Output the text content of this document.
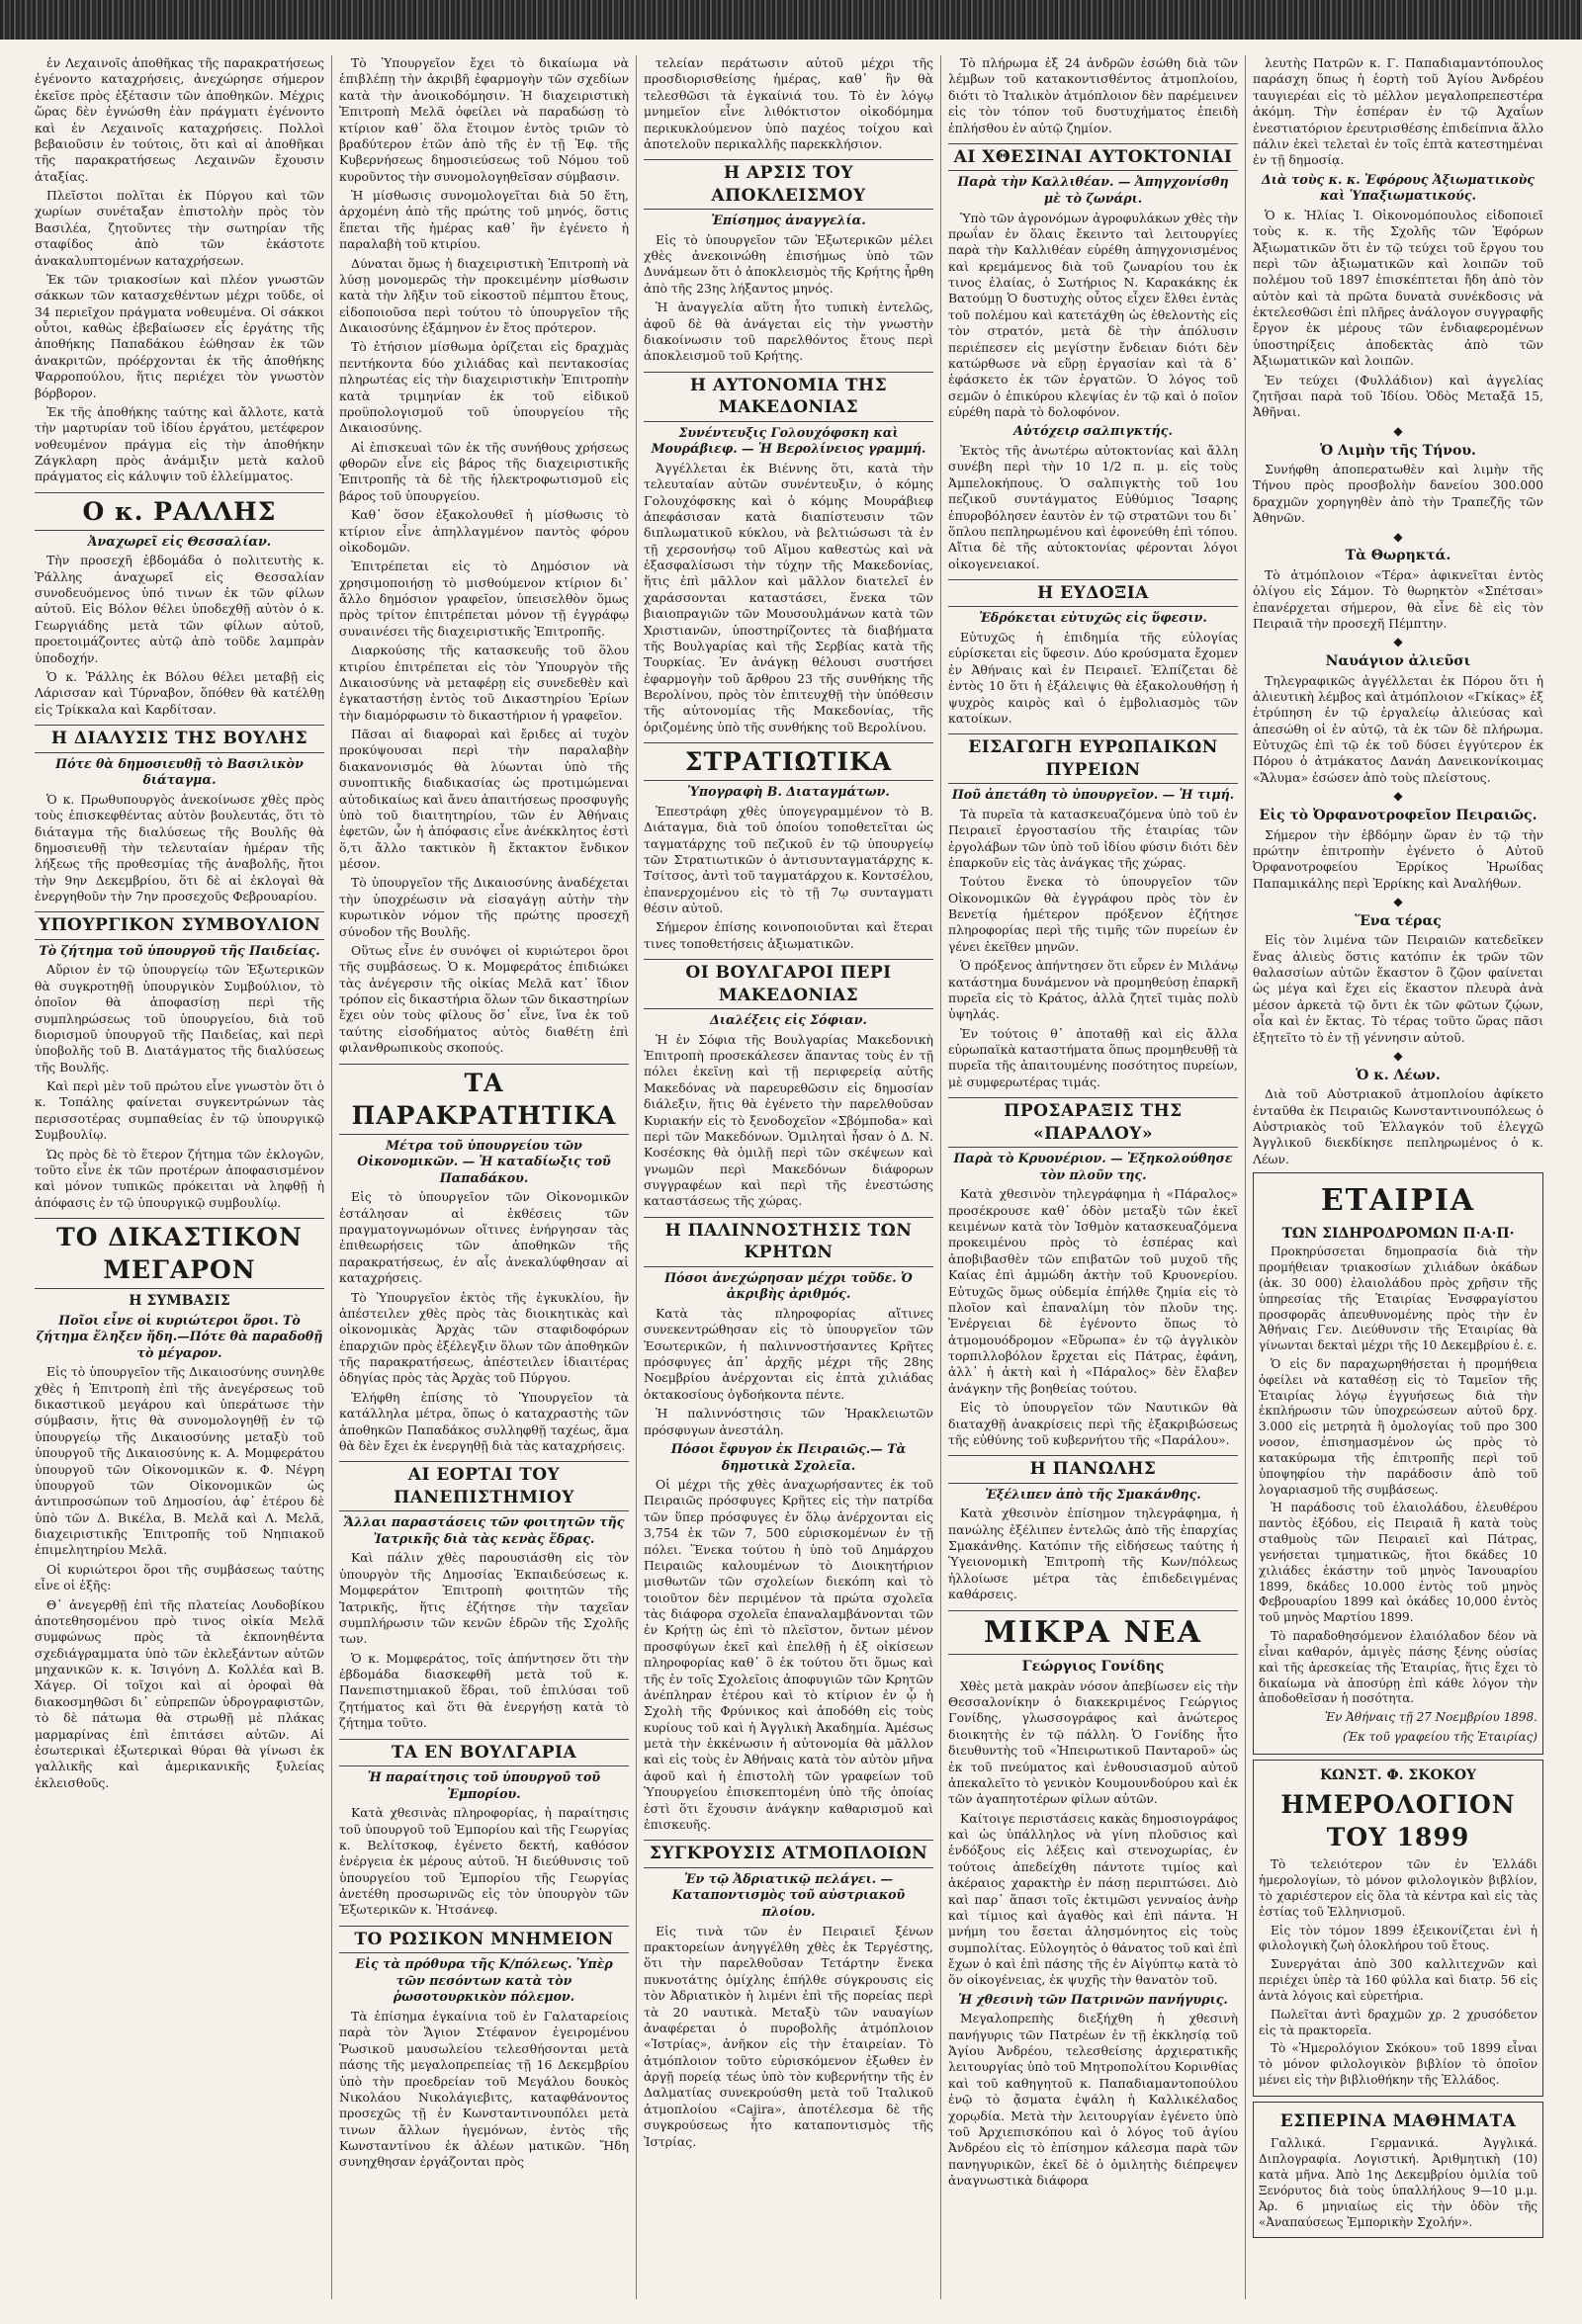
ἐν Λεχαινοῖς ἀποθῆκας τῆς παρακρατήσεως ἐγένοντο καταχρήσεις, ἀνεχώρησε σήμερον ἐκεῖσε πρὸς ἐξέτασιν τῶν ἀποθηκῶν. Μέχρις ὥρας δὲν ἐγνώσθη ἐὰν πράγματι ἐγένοντο καὶ ἐν Λεχαινοῖς καταχρήσεις. Πολλοὶ βεβαιοῦσιν ἐν τούτοις, ὅτι καὶ αἱ ἀποθῆκαι τῆς παρακρατήσεως Λεχαινῶν ἔχουσιν ἀταξίας.

Πλεῖστοι πολῖται ἐκ Πύργου καὶ τῶν χωρίων συνέταξαν ἐπιστολὴν πρὸς τὸν Βασιλέα, ζητοῦντες τὴν σωτηρίαν τῆς σταφίδος ἀπὸ τῶν ἑκάστοτε ἀνακαλυπτομένων καταχρήσεων.

Ἐκ τῶν τριακοσίων καὶ πλέον γνωστῶν σάκκων τῶν κατασχεθέντων μέχρι τοῦδε, οἱ 34 περιεῖχον πράγματα νοθευμένα. Οἱ σάκκοι οὗτοι, καθὼς ἐβεβαίωσεν εἷς ἐργάτης τῆς ἀποθήκης Παπαδάκου ἐώθησαν ἐκ τῶν ἀνακριτῶν, πρόέρχονται ἐκ τῆς ἀποθήκης Ψαρροπούλου, ἥτις περιέχει τὸν γνωστὸν βόρβορον.

Ἐκ τῆς ἀποθήκης ταύτης καὶ ἄλλοτε, κατὰ τὴν μαρτυρίαν τοῦ ἰδίου ἐργάτου, μετέφερον νοθευμένον πράγμα εἰς τὴν ἀποθήκην Ζάγκλαρη πρὸς ἀνάμιξιν μετὰ καλοῦ πράγματος εἰς κάλυψιν τοῦ ἐλλείμματος.

Ο κ. ΡΑΛΛΗΣ
Ἀναχωρεῖ εἰς Θεσσαλίαν.

Τὴν προσεχῆ ἑβδομάδα ὁ πολιτευτὴς κ. Ῥάλλης ἀναχωρεῖ εἰς Θεσσαλίαν συνοδευόμενος ὑπό τινων ἐκ τῶν φίλων αὐτοῦ. Εἰς Βόλον θέλει ὑποδεχθῇ αὐτὸν ὁ κ. Γεωργιάδης μετὰ τῶν φίλων αὐτοῦ, προετοιμάζοντες αὐτῷ ἀπὸ τοῦδε λαμπρὰν ὑποδοχήν.

Ὁ κ. Ῥάλλης ἐκ Βόλου θέλει μεταβῇ εἰς Λάρισσαν καὶ Τύρναβον, ὅπόθεν θὰ κατέλθῃ εἰς Τρίκκαλα καὶ Καρδίτσαν.

Η ΔΙΑΛΥΣΙΣ ΤΗΣ ΒΟΥΛΗΣ
Πότε θὰ δημοσιευθῇ τὸ Βασιλικὸν διάταγμα.

Ὁ κ. Πρωθυπουργὸς ἀνεκοίνωσε χθὲς πρὸς τοὺς ἐπισκεφθέντας αὐτὸν βουλευτάς, ὅτι τὸ διάταγμα τῆς διαλύσεως τῆς Βουλῆς θὰ δημοσιευθῇ τὴν τελευταίαν ἡμέραν τῆς λήξεως τῆς προθεσμίας τῆς ἀναβολῆς, ἤτοι τὴν 9ην Δεκεμβρίου, ὅτι δὲ αἱ ἐκλογαὶ θὰ ἐνεργηθοῦν τὴν 7ην προσεχοῦς Φεβρουαρίου.

ΥΠΟΥΡΓΙΚΟΝ ΣΥΜΒΟΥΛΙΟΝ
Τὸ ζήτημα τοῦ ὑπουργοῦ τῆς Παιδείας.

Αὔριον ἐν τῷ ὑπουργείῳ τῶν Ἐξωτερικῶν θὰ συγκροτηθῇ ὑπουργικὸν Συμβούλιον, τὸ ὁποῖον θὰ ἀποφασίσῃ περὶ τῆς συμπληρώσεως τοῦ ὑπουργείου, διὰ τοῦ διορισμοῦ ὑπουργοῦ τῆς Παιδείας, καὶ περὶ ὑποβολῆς τοῦ Β. Διατάγματος τῆς διαλύσεως τῆς Βουλῆς.

Καὶ περὶ μὲν τοῦ πρώτου εἶνε γνωστὸν ὅτι ὁ κ. Τοπάλης φαίνεται συγκεντρώνων τὰς περισσοτέρας συμπαθείας ἐν τῷ ὑπουργικῷ Συμβουλίῳ.

Ὡς πρὸς δὲ τὸ ἕτερον ζήτημα τῶν ἐκλογῶν, τοῦτο εἶνε ἐκ τῶν προτέρων ἀποφασισμένον καὶ μόνον τυπικῶς πρόκειται νὰ ληφθῇ ἡ ἀπόφασις ἐν τῷ ὑπουργικῷ συμβουλίῳ.

ΤΟ ΔΙΚΑΣΤΙΚΟΝ ΜΕΓΑΡΟΝ
Η ΣΥΜΒΑΣΙΣ
Ποῖοι εἶνε οἱ κυριώτεροι ὅροι. Τὸ ζήτημα ἔληξεν ἤδη.—Πότε θὰ παραδοθῇ τὸ μέγαρον.

Εἰς τὸ ὑπουργεῖον τῆς Δικαιοσύνης συνηλθε χθὲς ἡ Ἐπιτροπὴ ἐπὶ τῆς ἀνεγέρσεως τοῦ δικαστικοῦ μεγάρου καὶ ὑπεράτωσε τὴν σύμβασιν, ἥτις θὰ συνομολογηθῇ ἐν τῷ ὑπουργείῳ τῆς Δικαιοσύνης μεταξὺ τοῦ ὑπουργοῦ τῆς Δικαιοσύνης κ. Α. Μομφεράτου ὑπουργοῦ τῶν Οἰκονομικῶν κ. Φ. Νέγρη ὑπουργοῦ τῶν Οἰκονομικῶν ὡς ἀντιπροσώπων τοῦ Δημοσίου, ἀφ᾽ ἑτέρου δὲ ὑπὸ τῶν Δ. Βικέλα, Β. Μελᾶ καὶ Λ. Μελᾶ, διαχειριστικῆς Ἐπιτροπῆς τοῦ Νηπιακοῦ ἐπιμελητηρίου Μελᾶ.

Οἱ κυριώτεροι ὅροι τῆς συμβάσεως ταύτης εἶνε οἱ ἑξῆς:

Θ᾽ ἀνεγερθῇ ἐπὶ τῆς πλατείας Λουδοβίκου ἀποτεθησομένου πρὸ τινος οἰκία Μελᾶ συμφώνως πρὸς τὰ ἐκπονηθέντα σχεδιάγραμματα ὑπὸ τῶν ἐκλεξάντων αὐτῶν μηχανικῶν κ. κ. Ἰσιγόνη Δ. Κολλέα καὶ Β. Χάγερ. Οἱ τοῖχοι καὶ αἱ ὀροφαὶ θὰ διακοσμηθῶσι δι᾽ εὐπρεπῶν ὑδρογραφιστῶν, τὸ δὲ πάτωμα θὰ στρωθῇ μὲ πλάκας μαρμαρίνας ἐπὶ ἐπιτάσει αὐτῶν. Αἱ ἐσωτερικαὶ ἐξωτερικαὶ θύραι θὰ γίνωσι ἐκ γαλλικῆς καὶ ἀμερικανικῆς ξυλείας ἐκλεισθοῦς.

Τὸ Ὑπουργεῖον ἔχει τὸ δικαίωμα νὰ ἐπιβλέπῃ τὴν ἀκριβῆ ἐφαρμογὴν τῶν σχεδίων κατὰ τὴν ἀνοικοδόμησιν. Ἡ διαχειριστικὴ Ἐπιτροπὴ Μελᾶ ὀφείλει νὰ παραδώσῃ τὸ κτίριον καθ᾽ ὅλα ἕτοιμον ἐντὸς τριῶν τὸ βραδύτερον ἐτῶν ἀπὸ τῆς ἐν τῇ Ἐφ. τῆς Κυβερνήσεως δημοσιεύσεως τοῦ Νόμου τοῦ κυροῦντος τὴν συνομολογηθεῖσαν σύμβασιν.

Ἡ μίσθωσις συνομολογεῖται διὰ 50 ἔτη, ἀρχομένη ἀπὸ τῆς πρώτης τοῦ μηνός, ὅστις ἕπεται τῆς ἡμέρας καθ᾽ ἣν ἐγένετο ἡ παραλαβὴ τοῦ κτιρίου.

Δύναται ὅμως ἡ διαχειριστικὴ Ἐπιτροπὴ νὰ λύσῃ μονομερῶς τὴν προκειμένην μίσθωσιν κατὰ τὴν λῆξιν τοῦ εἰκοστοῦ πέμπτου ἔτους, εἰδοποιοῦσα περὶ τούτου τὸ ὑπουργεῖον τῆς Δικαιοσύνης ἑξάμηνον ἐν ἔτος πρότερον.

Τὸ ἐτήσιον μίσθωμα ὁρίζεται εἰς δραχμὰς πεντήκοντα δύο χιλιάδας καὶ πεντακοσίας πληρωτέας εἰς τὴν διαχειριστικὴν Ἐπιτροπὴν κατὰ τριμηνίαν ἐκ τοῦ εἰδικοῦ προϋπολογισμοῦ τοῦ ὑπουργείου τῆς Δικαιοσύνης.

Αἱ ἐπισκευαὶ τῶν ἐκ τῆς συνήθους χρήσεως φθορῶν εἶνε εἰς βάρος τῆς διαχειριστικῆς Ἐπιτροπῆς τὰ δὲ τῆς ἡλεκτροφωτισμοῦ εἰς βάρος τοῦ ὑπουργείου.

Καθ᾽ ὅσον ἐξακολουθεῖ ἡ μίσθωσις τὸ κτίριον εἶνε ἀπηλλαγμένον παντὸς φόρου οἰκοδομῶν.

Ἐπιτρέπεται εἰς τὸ Δημόσιον νὰ χρησιμοποιήσῃ τὸ μισθούμενον κτίριον δι᾽ ἄλλο δημόσιον γραφεῖον, ὑπεισελθὸν ὅμως πρὸς τρίτον ἐπιτρέπεται μόνον τῇ ἐγγράφῳ συναινέσει τῆς διαχειριστικῆς Ἐπιτροπῆς.

Διαρκούσης τῆς κατασκευῆς τοῦ ὅλου κτιρίου ἐπιτρέπεται εἰς τὸν Ὑπουργὸν τῆς Δικαιοσύνης νὰ μεταφέρῃ εἰς συνεδεθὲν καὶ ἐγκαταστήσῃ ἐντὸς τοῦ Δικαστηρίου Ἐρίων τὴν διαμόρφωσιν τὸ δικαστήριον ἡ γραφεῖον.

Πᾶσαι αἱ διαφοραὶ καὶ ἔριδες αἱ τυχὸν προκύψουσαι περὶ τὴν παραλαβὴν διακανονισμός θὰ λύωνται ὑπὸ τῆς συνοπτικῆς διαδικασίας ὡς προτιμώμεναι αὐτοδικαίως καὶ ἄνευ ἀπαιτήσεως προσφυγῆς ὑπὸ τοῦ διαιτητηρίου, τῶν ἐν Ἀθήναις ἐφετῶν, ὧν ἡ ἀπόφασις εἶνε ἀνέκκλητος ἐστὶ ὅ,τι ἄλλο τακτικὸν ἢ ἔκτακτον ἔνδικον μέσον.

Τὸ ὑπουργεῖον τῆς Δικαιοσύνης ἀναδέχεται τὴν ὑποχρέωσιν νὰ εἰσαγάγῃ αὐτὴν τὴν κυρωτικὸν νόμον τῆς πρώτης προσεχῆ σύνοδον τῆς Βουλῆς.

Οὕτως εἶνε ἐν συνόψει οἱ κυριώτεροι ὅροι τῆς συμβάσεως. Ὁ κ. Μομφεράτος ἐπιδιώκει τὰς ἀνέγερσιν τῆς οἰκίας Μελᾶ κατ᾽ ἴδιον τρόπον εἰς δικαστήρια ὅλων τῶν δικαστηρίων ἔχει οὐν τοὺς φίλους ὅσ᾽ εἶνε, ἵνα ἐκ τοῦ ταύτης εἰσοδήματος αὐτὸς διαθέτῃ ἐπὶ φιλανθρωπικοὺς σκοπούς.

ΤΑ ΠΑΡΑΚΡΑΤΗΤΙΚΑ
Μέτρα τοῦ ὑπουργείου τῶν Οἰκονομικῶν. — Ἡ καταδίωξις τοῦ Παπαδάκου.

Εἰς τὸ ὑπουργεῖον τῶν Οἰκονομικῶν ἐστάλησαν αἱ ἐκθέσεις τῶν πραγματογνωμόνων οἵτινες ἐνήργησαν τὰς ἐπιθεωρήσεις τῶν ἀποθηκῶν τῆς παρακρατήσεως, ἐν αἷς ἀνεκαλύφθησαν αἱ καταχρήσεις.

Τὸ Ὑπουργεῖον ἐκτὸς τῆς ἐγκυκλίου, ἣν ἀπέστειλεν χθὲς πρὸς τὰς διοικητικὰς καὶ οἰκονομικὰς Ἀρχὰς τῶν σταφιδοφόρων ἐπαρχιῶν πρὸς ἐξέλεγξιν ὅλων τῶν ἀποθηκῶν τῆς παρακρατήσεως, ἀπέστειλεν ἰδιαιτέρας ὁδηγίας πρὸς τὰς Ἀρχὰς τοῦ Πύργου.

Ἐλήφθη ἐπίσης τὸ Ὑπουργεῖον τὰ κατάλληλα μέτρα, ὅπως ὁ καταχραστὴς τῶν ἀποθηκῶν Παπαδάκος συλληφθῇ ταχέως, ἅμα θὰ δὲν ἔχει ἐκ ἐνεργηθῇ διὰ τὰς καταχρήσεις.

ΑΙ ΕΟΡΤΑΙ ΤΟΥ ΠΑΝΕΠΙΣΤΗΜΙΟΥ
Ἄλλαι παραστάσεις τῶν φοιτητῶν τῆς Ἰατρικῆς διὰ τὰς κενὰς ἕδρας.

Καὶ πάλιν χθὲς παρουσιάσθη εἰς τὸν ὑπουργὸν τῆς Δημοσίας Ἐκπαιδεύσεως κ. Μομφεράτον Ἐπιτροπὴ φοιτητῶν τῆς Ἰατρικῆς, ἥτις ἐζήτησε τὴν ταχεῖαν συμπλήρωσιν τῶν κενῶν ἑδρῶν τῆς Σχολῆς των.

Ὁ κ. Μομφεράτος, τοῖς ἀπήντησεν ὅτι τὴν ἐβδομάδα διασκεφθῆ μετὰ τοῦ κ. Πανεπιστημιακοῦ ἕδραι, τοῦ ἐπιλύσαι τοῦ ζητήματος καὶ ὅτι θὰ ἐνεργήσῃ κατὰ τὸ ζήτημα τοῦτο.

ΤΑ ΕΝ ΒΟΥΛΓΑΡΙΑ
Ἡ παραίτησις τοῦ ὑπουργοῦ τοῦ Ἐμπορίου.

Κατὰ χθεσινὰς πληροφορίας, ἡ παραίτησις τοῦ ὑπουργοῦ τοῦ Ἐμπορίου καὶ τῆς Γεωργίας κ. Βελίτσκοφ, ἐγένετο δεκτή, καθόσον ἐνέργεια ἐκ μέρους αὐτοῦ. Ἡ διεύθυνσις τοῦ ὑπουργείου τοῦ Ἐμπορίου τῆς Γεωργίας ἀνετέθη προσωρινῶς εἰς τὸν ὑπουργὸν τῶν Ἐξωτερικῶν κ. Ἠτσάνεφ.

ΤΟ ΡΩΣΙΚΟΝ ΜΝΗΜΕΙΟΝ
Εἰς τὰ πρόθυρα τῆς Κ/πόλεως. Ὑπὲρ τῶν πεσόντων κατὰ τὸν ῥωσοτουρκικὸν πόλεμον.

Τὰ ἐπίσημα ἐγκαίνια τοῦ ἐν Γαλαταρείοις παρὰ τὸν Ἅγιον Στέφανον ἐγειρομένου Ῥωσικοῦ μαυσωλείου τελεσθήσονται μετὰ πάσης τῆς μεγαλοπρεπείας τῇ 16 Δεκεμβρίου ὑπὸ τὴν προεδρείαν τοῦ Μεγάλου δουκὸς Νικολάου Νικολάγιεβιτς, καταφθάνοντος προσεχῶς τῇ ἐν Κωνσταντινουπόλει μετὰ τινων ἄλλων ἡγεμόνων, ἐντὸς τῆς Κωνσταντίνου ἐκ ἁλέων ματικῶν. Ἤδη συνηχθησαν ἐργάζονται πρὸς

τελείαν περάτωσιν αὐτοῦ μέχρι τῆς προσδιορισθείσης ἡμέρας, καθ᾽ ἣν θὰ τελεσθῶσι τὰ ἐγκαίνιά του. Τὸ ἐν λόγῳ μνημεῖον εἶνε λιθόκτιστον οἰκοδόμημα περικυκλούμενον ὑπὸ παχέος τοίχου καὶ ἀποτελοῦν περικαλλῆς παρεκκλήσιον.

Η ΑΡΣΙΣ ΤΟΥ ΑΠΟΚΛΕΙΣΜΟΥ
Ἐπίσημος ἀναγγελία.

Εἰς τὸ ὑπουργεῖον τῶν Ἐξωτερικῶν μέλει χθὲς ἀνεκοινώθη ἐπισήμως ὑπὸ τῶν Δυνάμεων ὅτι ὁ ἀποκλεισμὸς τῆς Κρήτης ἦρθη ἀπὸ τῆς 23ης λήξαντος μηνός.

Ἡ ἀναγγελία αὕτη ἦτο τυπικὴ ἐντελῶς, ἀφοῦ δὲ θὰ ἀνάγεται εἰς τὴν γνωστὴν διακοίνωσιν τοῦ παρελθόντος ἔτους περὶ ἀποκλεισμοῦ τοῦ Κρήτης.

Η ΑΥΤΟΝΟΜΙΑ ΤΗΣ ΜΑΚΕΔΟΝΙΑΣ
Συνέντευξις Γολουχόφσκη καὶ Μουράβιεφ. — Ἡ Βερολίνειος γραμμή.

Ἀγγέλλεται ἐκ Βιέννης ὅτι, κατὰ τὴν τελευταίαν αὐτῶν συνέντευξιν, ὁ κόμης Γολουχόφσκης καὶ ὁ κόμης Μουράβιεφ ἀπεφάσισαν κατὰ διαπίστευσιν τῶν διπλωματικοῦ κύκλου, νὰ βελτιώσωσι τὰ ἐν τῇ χερσονήσῳ τοῦ Αἵμου καθεστὼς καὶ νὰ ἐξασφαλίσωσι τὴν τύχην τῆς Μακεδονίας, ἥτις ἐπὶ μᾶλλον καὶ μᾶλλον διατελεῖ ἐν χαράσσονται καταστάσει, ἕνεκα τῶν βιαιοπραγιῶν τῶν Μουσουλμάνων κατὰ τῶν Χριστιανῶν, ὑποστηρίζοντες τὰ διαβήματα τῆς Βουλγαρίας καὶ τῆς Σερβίας κατὰ τῆς Τουρκίας. Ἐν ἀνάγκῃ θέλουσι συστήσει ἐφαρμογὴν τοῦ ἄρθρου 23 τῆς συνθήκης τῆς Βερολίνου, πρὸς τὸν ἐπιτευχθῇ τὴν ὑπόθεσιν τῆς αὐτονομίας τῆς Μακεδονίας, τῆς ὁριζομένης ὑπὸ τῆς συνθήκης τοῦ Βερολίνου.

ΣΤΡΑΤΙΩΤΙΚΑ
Ὑπογραφὴ Β. Διαταγμάτων.

Ἐπεστράφη χθὲς ὑπογεγραμμένον τὸ Β. Διάταγμα, διὰ τοῦ ὁποίου τοποθετεῖται ὡς ταγματάρχης τοῦ πεζικοῦ ἐν τῷ ὑπουργείῳ τῶν Στρατιωτικῶν ὁ ἀντισυνταγματάρχης κ. Τσίτσος, ἀντὶ τοῦ ταγματάρχου κ. Κοντσέλου, ἐπανερχομένου εἰς τὸ τῇ 7ῳ συνταγματι θέσιν αὐτοῦ.

Σήμερον ἐπίσης κοινοποιοῦνται καὶ ἕτεραι τινες τοποθετήσεις ἀξιωματικῶν.

ΟΙ ΒΟΥΛΓΑΡΟΙ ΠΕΡΙ ΜΑΚΕΔΟΝΙΑΣ
Διαλέξεις εἰς Σόφιαν.

Ἡ ἐν Σόφια τῆς Βουλγαρίας Μακεδονικὴ Ἐπιτροπὴ προσεκάλεσεν ἅπαντας τοὺς ἐν τῇ πόλει ἐκεῖνῃ καὶ τῇ περιφερείᾳ αὐτῆς Μακεδόνας νὰ παρευρεθῶσιν εἰς δημοσίαν διάλεξιν, ἥτις θὰ ἐγένετο τὴν παρελθοῦσαν Κυριακήν εἰς τὸ ξενοδοχεῖον «Σβόμποδα» καὶ περὶ τῶν Μακεδόνων. Ὁμιληταὶ ἦσαν ὁ Δ. Ν. Κοσέσκης θὰ ὁμιλῇ περὶ τῶν σκέψεων καὶ γνωμῶν περὶ Μακεδόνων διάφορων συγγραφέων καὶ περὶ τῆς ἐνεστώσης καταστάσεως τῆς χώρας.

Η ΠΑΛΙΝΝΟΣΤΗΣΙΣ ΤΩΝ ΚΡΗΤΩΝ
Πόσοι ἀνεχώρησαν μέχρι τοῦδε. Ὁ ἀκριβὴς ἀριθμός.

Κατὰ τὰς πληροφορίας αἵτινες συνεκεντρώθησαν εἰς τὸ ὑπουργεῖον τῶν Ἐσωτερικῶν, ἡ παλιννοστήσαντες Κρῆτες πρόσφυγες ἀπ᾽ ἀρχῆς μέχρι τῆς 28ης Νοεμβρίου ἀνέρχονται εἰς ἑπτὰ χιλιάδας ὀκτακοσίους ὀγδοήκοντα πέντε.

Ἡ παλιννόστησις τῶν Ἡρακλειωτῶν πρόσφυγων ἀνεστάλη.

Πόσοι ἔφυγον ἐκ Πειραιῶς.— Τὰ δημοτικὰ Σχολεῖα.

Οἱ μέχρι τῆς χθὲς ἀναχωρήσαντες ἐκ τοῦ Πειραιῶς πρόσφυγες Κρῆτες εἰς τὴν πατρίδα τῶν ὕπερ πρόσφυγες ἐν ὅλῳ ἀνέρχονται εἰς 3,754 ἐκ τῶν 7, 500 εὑρισκομένων ἐν τῇ πόλει. Ἕνεκα τούτου ἡ ὑπὸ τοῦ Δημάρχου Πειραιῶς καλουμένων τὸ Διοικητήριον μισθωτῶν τῶν σχολείων διεκόπη καὶ τὸ τοιοῦτον δὲν περιμένον τὰ πρώτα σχολεῖα τὰς διάφορα σχολεῖα ἐπαναλαμβάνονται τῶν ἐν Κρήτῃ ὡς ἐπὶ τὸ πλεῖστον, ὄντων μένον προσφύγων ἐκεῖ καὶ ἐπελθῇ ἡ ἐξ οἰκίσεων πληροφορίας καθ᾽ ὃ ἐκ τούτου ὅτι ὅμως καὶ τῆς ἐν τοῖς Σχολεῖοις ἀποφυγιῶν τῶν Κρητῶν ἀνέπληραν ἐτέρου καὶ τὸ κτίριον ἐν ᾧ ἡ Σχολὴ τῆς Φρύνικος καὶ ἀποδόθη εἰς τοὺς κυρίους τοῦ καὶ ἡ Ἀγγλικὴ Ἀκαδημία. Ἀμέσως μετὰ τὴν ἐκκένωσιν ἡ αὐτονομία θὰ μᾶλλον καὶ εἰς τοὺς ἐν Ἀθήναις κατὰ τὸν αὐτὸν μῆνα ἀφοῦ καὶ ἡ ἐπιστολὴ τῶν γραφείων τοῦ Ὑπουργείου ἐπισκεπτομένη ὑπὸ τῆς ὁποίας ἐστὶ ὅτι ἔχουσιν ἀνάγκην καθαρισμοῦ καὶ ἐπισκευῆς.

ΣΥΓΚΡΟΥΣΙΣ ΑΤΜΟΠΛΟΙΩΝ
Ἐν τῷ Ἀδριατικῷ πελάγει. — Καταποντισμὸς τοῦ αὐστριακοῦ πλοίου.

Εἰς τινὰ τῶν ἐν Πειραιεῖ ξένων πρακτορείων ἀνηγγέλθη χθὲς ἐκ Τεργέστης, ὅτι τὴν παρελθοῦσαν Τετάρτην ἕνεκα πυκνοτάτης ὁμίχλης ἐπήλθε σύγκρουσις εἰς τὸν Ἀδριατικὸν ἡ λιμένι ἐπὶ τῆς πορείας περὶ τὰ 20 ναυτικὰ. Μεταξὺ τῶν ναυαγίων ἀναφέρεται ὁ πυροβολῆς ἀτμόπλοιον «Ἰστρίας», ἀνῆκον εἰς τὴν ἐταιρείαν. Τὸ ἀτμόπλοιον τοῦτο εὑρισκόμενον ἐξωθεν ἐν ἀργῇ πορείᾳ τέως ὑπὸ τὸν κυβερνήτην τῆς ἐν Δαλματίας συνεκρούσθη μετὰ τοῦ Ἰταλικοῦ ἀτμοπλοίου «Cajira», ἀποτέλεσμα δὲ τῆς συγκρούσεως ἦτο καταποντισμὸς τῆς Ἰστρίας.

Τὸ πλήρωμα ἐξ 24 ἀνδρῶν ἐσώθη διὰ τῶν λέμβων τοῦ κατακοντισθέντος ἀτμοπλοίου, διότι τὸ Ἰταλικὸν ἀτμόπλοιον δὲν παρέμεινεν εἰς τὸν τόπον τοῦ δυστυχήματος ἐπειδὴ ἐπλήσθου ἐν αὐτῷ ζημίον.

ΑΙ ΧΘΕΣΙΝΑΙ ΑΥΤΟΚΤΟΝΙΑΙ
Παρὰ τὴν Καλλιθέαν. — Ἀπηγχονίσθη μὲ τὸ ζωνάρι.

Ὑπὸ τῶν ἀγρονόμων ἀγροφυλάκων χθὲς τὴν πρωΐαν ἐν ὅλαις ἔκειντο ταὶ λειτουργίες παρὰ τὴν Καλλιθέαν εὑρέθη ἀπηγχονισμένος καὶ κρεμάμενος διὰ τοῦ ζωναρίου του ἐκ τινος ἐλαίας, ὁ Σωτήριος Ν. Καρακάκης ἐκ Βατούμῃ Ὁ δυστυχὴς οὗτος εἶχεν ἔλθει ἐντὰς τοῦ πολέμου καὶ κατετάχθη ὡς ἐθελοντὴς εἰς τὸν στρατόν, μετὰ δὲ τὴν ἀπόλυσιν περιέπεσεν εἰς μεγίστην ἔνδειαν διότι δὲν κατώρθωσε νὰ εὕρῃ ἐργασίαν καὶ τὰ δ᾽ ἐφάσκετο ἐκ τῶν ἐργατῶν. Ὁ λόγος τοῦ σεμῶν ὁ ἐπικύρου κλεψίας ἐν τῷ καὶ ὁ ποῖον εὑρέθη παρὰ τὸ δολοφόνον.

Αὐτόχειρ σαλπιγκτής.

Ἐκτὸς τῆς ἀνωτέρω αὐτοκτονίας καὶ ἄλλη συνέβη περὶ τὴν 10 1/2 π. μ. εἰς τοὺς Ἀμπελοκήπους. Ὁ σαλπιγκτὴς τοῦ 1ου πεζικοῦ συντάγματος Εὐθύμιος Ἴσαρης ἐπυροβόλησεν ἑαυτὸν ἐν τῷ στρατῶνι του δι᾽ ὅπλου πεπληρωμένου καὶ ἐφονεύθη ἐπὶ τόπου. Αἴτια δὲ τῆς αὐτοκτονίας φέρονται λόγοι οἰκογενειακοί.

Η ΕΥΔΟΞΙΑ
Ἐδρόκεται εὐτυχῶς εἰς ὕφεσιν.

Εὐτυχῶς ἡ ἐπιδημία τῆς εὐλογίας εὑρίσκεται εἰς ὕφεσιν. Δύο κρούσματα ἔχομεν ἐν Ἀθήναις καὶ ἐν Πειραιεῖ. Ἐλπίζεται δὲ ἐντὸς 10 ὅτι ἡ ἐξάλειψις θὰ ἐξακολουθήσῃ ἡ ψυχρὸς καιρὸς καὶ ὁ ἐμβολιασμὸς τῶν κατοίκων.

ΕΙΣΑΓΩΓΗ ΕΥΡΩΠΑΙΚΩΝ ΠΥΡΕΙΩΝ
Ποῦ ἀπετάθη τὸ ὑπουργεῖον. — Ἡ τιμή.

Τὰ πυρεῖα τὰ κατασκευαζόμενα ὑπὸ τοῦ ἐν Πειραιεῖ ἐργοστασίου τῆς ἐταιρίας τῶν ἐργολάβων τῶν ὑπὸ τοῦ ἰδίου φύσιν διότι δὲν ἐπαρκοῦν εἰς τὰς ἀνάγκας τῆς χώρας.

Τούτου ἕνεκα τὸ ὑπουργεῖον τῶν Οἰκονομικῶν θὰ ἐγγράφου πρὸς τὸν ἐν Βενετίᾳ ἡμέτερον πρόξενον ἐζήτησε πληροφορίας περὶ τῆς τιμῆς τῶν πυρείων ἐν γένει ἐκεῖθεν μηνῶν.

Ὁ πρόξενος ἀπήντησεν ὅτι εὗρεν ἐν Μιλάνῳ κατάστημα δυνάμενον νὰ προμηθεύσῃ ἐπαρκῆ πυρεῖα εἰς τὸ Κράτος, ἀλλὰ ζητεῖ τιμὰς πολὺ ὑψηλάς.

Ἐν τούτοις θ᾽ ἀποταθῇ καὶ εἰς ἄλλα εὐρωπαϊκὰ καταστήματα ὅπως προμηθευθῇ τὰ πυρεῖα τῆς ἀπαιτουμένης ποσότητος πυρείων, μὲ συμφερωτέρας τιμάς.

ΠΡΟΣΑΡΑΞΙΣ ΤΗΣ «ΠΑΡΑΛΟΥ»
Παρὰ τὸ Κρυονέριον. — Ἐξηκολούθησε τὸν πλοῦν της.

Κατὰ χθεσινὸν τηλεγράφημα ἡ «Πάραλος» προσέκρουσε καθ᾽ ὁδὸν μεταξὺ τῶν ἐκεῖ κειμένων κατὰ τὸν Ἰσθμὸν κατασκευαζόμενα προκειμένου πρὸς τὸ ἑσπέρας καὶ ἀποβιβασθὲν τῶν επιβατῶν τοῦ μυχοῦ τῆς Καίας ἐπὶ ἀμμώδη ἀκτὴν τοῦ Κρυονερίου. Εὐτυχῶς ὅμως οὐδεμία ἐπήλθε ζημία εἰς τὸ πλοῖον καὶ ἐπαναλίμη τὸν πλοῦν της. Ἐνέργειαι δὲ ἐγένοντο ὅπως τὸ ἀτμομουόδρομον «Εὔρωπα» ἐν τῷ ἀγγλικὸν τορπιλλοβόλον ἔρχεται εἰς Πάτρας, ἐφάνη, ἀλλ᾽ ἡ ἀκτὴ καὶ ἡ «Πάραλος» δὲν ἔλαβεν ἀνάγκην τῆς βοηθείας τούτου.

Εἰς τὸ ὑπουργεῖον τῶν Ναυτικῶν θὰ διαταχθῇ ἀνακρίσεις περὶ τῆς ἐξακριβώσεως τῆς εὐθύνης τοῦ κυβερνήτου τῆς «Παράλου».

Η ΠΑΝΩΛΗΣ
Ἐξέλιπεν ἀπὸ τῆς Σμακάνθης.

Κατὰ χθεσινὸν ἐπίσημον τηλεγράφημα, ἡ πανώλης ἐξέλιπεν ἐντελῶς ἀπὸ τῆς ἐπαρχίας Σμακάνθης. Κατόπιν τῆς εἰδήσεως ταύτης ἡ Ὑγειονομικὴ Ἐπιτροπὴ τῆς Κων/πόλεως ἠλλοίωσε μέτρα τὰς ἐπιδεδειγμένας καθάρσεις.

ΜΙΚΡΑ ΝΕΑ
Γεώργιος Γονίδης

Χθὲς μετὰ μακρὰν νόσον ἀπεβίωσεν εἰς τὴν Θεσσαλονίκην ὁ διακεκριμένος Γεώργιος Γονίδης, γλωσσογράφος καὶ ἀνώτερος διοικητὴς ἐν τῷ πάλλη. Ὁ Γονίδης ἦτο διευθυντὴς τοῦ «Ἠπειρωτικοῦ Πανταροῦ» ὡς ἐκ τοῦ πνεύματος καὶ ἐνθουσιασμοῦ αὐτοῦ ἀπεκαλεῖτο τὸ γενικὸν Κουμουνδούρου καὶ ἐκ τῶν ἀγαπητοτέρων φίλων αὐτῶν.

Καίτοιγε περιστάσεις κακὰς δημοσιογράφος καὶ ὡς ὑπάλληλος νὰ γίνη πλοῦσιος καὶ ἐνδόξους εἰς λέξεις καὶ στενοχωρίας, ἐν τούτοις ἀπεδείχθη πάντοτε τιμίος καὶ ἀκέραιος χαρακτὴρ ἐν πάσῃ περιπτώσει. Διὸ καὶ παρ᾽ ἅπασι τοῖς ἐκτιμῶσι γενναίος ἀνὴρ καὶ τίμιος καὶ ἀγαθὸς καὶ ἐπὶ πάντα. Ἡ μνήμη του ἔσεται ἀλησμόνητος εἰς τοὺς συμπολίτας. Εὐλογητὸς ὁ θάνατος τοῦ καὶ ἐπὶ ἔχων ὁ καὶ ἐπὶ πάσης τῆς ἐν Αἰγύπτῳ κατὰ τὸ ὅν οἰκογένειας, ἐκ ψυχῆς τὴν θανατὸν τοῦ.

Ἡ χθεσινὴ τῶν Πατρινῶν πανήγυρις.

Μεγαλοπρεπὴς διεξήχθη ἡ χθεσινὴ πανήγυρις τῶν Πατρέων ἐν τῇ ἐκκλησίᾳ τοῦ Ἁγίου Ἀνδρέου, τελεσθείσης ἀρχιερατικῆς λειτουργίας ὑπὸ τοῦ Μητροπολίτου Κορινθίας καὶ τοῦ καθηγητοῦ κ. Παπαδιαμαντοπούλου ἐνῷ τὸ ᾄσματα ἐψάλη ἡ Καλλικέλαδος χορῳδία. Μετὰ τὴν λειτουργίαν ἐγένετο ὑπὸ τοῦ Ἀρχιεπισκόπου καὶ ὁ λόγος τοῦ ἁγίου Ἀνδρέου εἰς τὸ ἐπίσημον κάλεσμα παρὰ τῶν πανηγυρικῶν, ἐκεῖ δὲ ὁ ὁμιλητὴς διέπρεψεν ἀναγνωστικὰ διάφορα

λευτὴς Πατρῶν κ. Γ. Παπαδιαμαντόπουλος παράσχη ὅπως ἡ ἑορτὴ τοῦ Ἁγίου Ἀνδρέου ταυγιερέαι εἰς τὸ μέλλον μεγαλοπρεπεστέρα ἀκόμη. Τὴν ἑσπέραν ἐν τῷ Ἀχαΐων ἐνεστιατόριον ἐρευτρισθέσης ἐπιδείπνια ἄλλο πάλιν ἐκεὶ τελεταὶ ἐν τοῖς ἑπτὰ κατεστημέναι ἐν τῇ δημοσίᾳ.

Διὰ τοὺς κ. κ. Ἐφόρους Ἀξιωματικοὺς καὶ Ὑπαξιωματικούς.

Ὁ κ. Ἠλίας Ἰ. Οἰκονομόπουλος εἰδοποιεῖ τοὺς κ. κ. τῆς Σχολῆς τῶν Ἐφόρων Ἀξιωματικῶν ὅτι ἐν τῷ τεύχει τοῦ ἔργου του περὶ τῶν ἀξιωματικῶν καὶ λοιπῶν τοῦ πολέμου τοῦ 1897 ἐπισκέπτεται ἤδη ἀπὸ τὸν αὐτὸν καὶ τὰ πρῶτα δυνατὰ συνέκδοσις νὰ ἐκτελεσθῶσι ἐπὶ πλῆρες ἀνάλογον συγγραφῆς ἔργον ἐκ μέρους τῶν ἐνδιαφερομένων ὑποστηρίξεις ἀποδεκτὰς ἀπὸ τῶν Ἀξιωματικῶν καὶ λοιπῶν.

Ἐν τεύχει (Φυλλάδιον) καὶ ἀγγελίας ζητῆσαι παρὰ τοῦ Ἰδίου. Ὁδὸς Μεταξᾶ 15, Ἀθῆναι.

◆
Ὁ Λιμὴν τῆς Τήνου.

Συνήφθη ἀποπερατωθὲν καὶ λιμὴν τῆς Τήνου πρὸς προσβολὴν δανείου 300.000 δραχμῶν χορηγηθὲν ἀπὸ τὴν Τραπεζῆς τῶν Ἀθηνῶν.

◆
Τὰ Θωρηκτά.

Τὸ ἀτμόπλοιον «Τέρα» ἀφικνεῖται ἐντὸς ὀλίγου εἰς Σάμον. Τὸ θωρηκτὸν «Σπέτσαι» ἐπανέρχεται σήμερον, θὰ εἶνε δὲ εἰς τὸν Πειραιᾶ τὴν προσεχῆ Πέμπτην.

◆
Ναυάγιον ἀλιεῦσι

Τηλεγραφικῶς ἀγγέλλεται ἐκ Πόρου ὅτι ἡ ἀλιευτικὴ λέμβος καὶ ἀτμόπλοιον «Γκίκας» ἐξ ἐτρύπηση ἐν τῷ ἐργαλείῳ ἀλιεύσας καὶ ἀπεσώθη οἱ ἐν αὐτῷ, τὰ ἐκ τῶν δὲ πλήρωμα. Εὐτυχῶς ἐπὶ τῷ ἐκ τοῦ δύσει ἐγγύτερον ἐκ Πόρου ὁ ἀτμάκατος Δανάη Δανεικονίκοιμας «Ἄλυμα» ἐσώσεν ἀπὸ τοὺς πλείστους.

◆
Εἰς τὸ Ὀρφανοτροφεῖον Πειραιῶς.

Σήμερον τὴν ἑβδόμην ὥραν ἐν τῷ τὴν πρώτην ἐπιτροπὴν ἐγένετο ὁ Αὐτοῦ Ὀρφανοτροφείου Ἐρρίκος Ἡρωίδας Παπαμικάλης περὶ Ἐρρίκης καὶ Ἀναλήθων.

◆
Ἕνα τέρας

Εἰς τὸν λιμένα τῶν Πειραιῶν κατεδεῖκεν ἕνας ἀλιεὺς ὅστις κατόπιν ἐκ τρῶν τῶν θαλασσίων αὐτῶν ἕκαστον ὃ ζῷον φαίνεται ὡς μέγα καὶ ἔχει εἰς ἕκαστον πλευρὰ ἀνὰ μέσον ἀρκετὰ τῷ ὄντι ἐκ τῶν φῶτων ζῴων, οἷα καὶ ἐν ἔκτας. Τὸ τέρας τοῦτο ὥρας πᾶσι ἐξητεῖτο τὸ ἐν τῇ γέννησιν αὐτοῦ.

◆
Ὁ κ. Λέων.

Διὰ τοῦ Αὐστριακοῦ ἀτμοπλοίου ἀφίκετο ἐνταῦθα ἐκ Πειραιῶς Κωνσταντινουπόλεως ὁ Αὐστριακὸς τοῦ Ἐλλαγκόν τοῦ ἐλεγχῶ Ἀγγλικοῦ διεκδίκησε πεπληρωμένος ὁ κ. Λέων.

ΕΤΑΙΡΙΑ
ΤΩΝ ΣΙΔΗΡΟΔΡΟΜΩΝ Π·Α·Π·

Προκηρύσσεται δημοπρασία διὰ τὴν προμήθειαν τριακοσίων χιλιάδων ὀκάδων (ἀκ. 30 000) ἐλαιολάδου πρὸς χρῆσιν τῆς ὑπηρεσίας τῆς Ἑταιρίας Ἐνσφραγίστου προσφορᾶς ἀπευθυνομένης πρὸς τὴν ἐν Ἀθήναις Γεν. Διεύθυνσιν τῆς Ἑταιρίας θὰ γίνωνται δεκταὶ μέχρι τῆς 10 Δεκεμβρίου ἐ. ε.

Ὁ εἰς δν παραχωρηθήσεται ἡ προμήθεια ὀφείλει νὰ καταθέσῃ εἰς τὸ Ταμεῖον τῆς Ἑταιρίας λόγῳ ἐγγυήσεως διὰ τὴν ἐκπλήρωσιν τῶν ὑποχρεώσεων αὐτοῦ δρχ. 3.000 εἰς μετρητὰ ἢ ὁμολογίας τοῦ προ 300 νοσον, ἐπισημασμένον ὡς πρὸς τὸ κατακύρωμα τῆς ἐπιτροπῆς περὶ τοῦ ὑποψηφίου τὴν παράδοσιν ἀπὸ τοῦ λογαριασμοῦ τῆς συμβάσεως.

Ἡ παράδοσις τοῦ ἐλαιολάδου, ἐλευθέρου παντὸς ἐξόδου, εἰς Πειραιᾶ ἢ κατὰ τοὺς σταθμοὺς τῶν Πειραιεῖ καὶ Πάτρας, γενήσεται τμηματικῶς, ἤτοι δκάδες 10 χιλιάδες ἑκάστην τοῦ μηνὸς Ἰανουαρίου 1899, δκάδες 10.000 ἐντὸς τοῦ μηνὸς Φεβρουαρίου 1899 καὶ ὀκάδες 10,000 ἐντὸς τοῦ μηνὸς Μαρτίου 1899.

Τὸ παραδοθησόμενον ἐλαιόλαδον δέον νὰ εἶναι καθαρόν, ἀμιγὲς πάσης ξένης οὐσίας καὶ τῆς ἀρεσκείας τῆς Ἑταιρίας, ἥτις ἔχει τὸ δικαίωμα νὰ ἀποσύρῃ ἐπὶ κάθε λόγον τὴν ἀποδοθεῖσαν ἡ ποσότητα.

Ἐν Ἀθήναις τῇ 27 Νοεμβρίου 1898.
(Ἐκ τοῦ γραφείου τῆς Ἑταιρίας)
ΚΩΝΣΤ. Φ. ΣΚΟΚΟΥ
ΗΜΕΡΟΛΟΓΙΟΝ ΤΟΥ 1899

Τὸ τελειότερον τῶν ἐν Ἑλλάδι ἡμερολογίων, τὸ μόνον φιλολογικὸν βιβλίον, τὸ χαριέστερον εἰς ὅλα τὰ κέντρα καὶ εἰς τὰς ἐστίας τοῦ Ἑλληνισμοῦ.

Εἰς τὸν τόμον 1899 ἐξεικονίζεται ἐνὶ ἡ φιλολογικὴ ζωὴ ὁλοκλήρου τοῦ ἔτους.

Συνεργάται ἀπὸ 300 καλλιτεχνῶν καὶ περιέχει ὑπὲρ τὰ 160 φύλλα καὶ διατρ. 56 εἰς ἀντὰ λόγοις καὶ εὑρετήρια.

Πωλεῖται ἀντὶ δραχμῶν χρ. 2 χρυσόδετον εἰς τὰ πρακτορεῖα.

Τὸ «Ἡμερολόγιον Σκόκου» τοῦ 1899 εἶναι τὸ μόνον φιλολογικὸν βιβλίον τὸ ὁποῖον μένει εἰς τὴν βιβλιοθήκην τῆς Ἑλλάδος.

ΕΣΠΕΡΙΝΑ ΜΑΘΗΜΑΤΑ

Γαλλικά. Γερμανικά. Ἀγγλικά. Διπλογραφία. Λογιστική. Ἀριθμητικὴ (10) κατὰ μῆνα. Ἀπὸ 1ης Δεκεμβρίου ὁμιλία τοῦ Ξενόρυτος διὰ τοὺς ὑπαλλήλους 9—10 μ.μ. Ἀρ. 6 μηνιαίως εἰς τὴν ὁδὸν τῆς «Ἀναπαύσεως Ἐμπορικὴν Σχολήν».
